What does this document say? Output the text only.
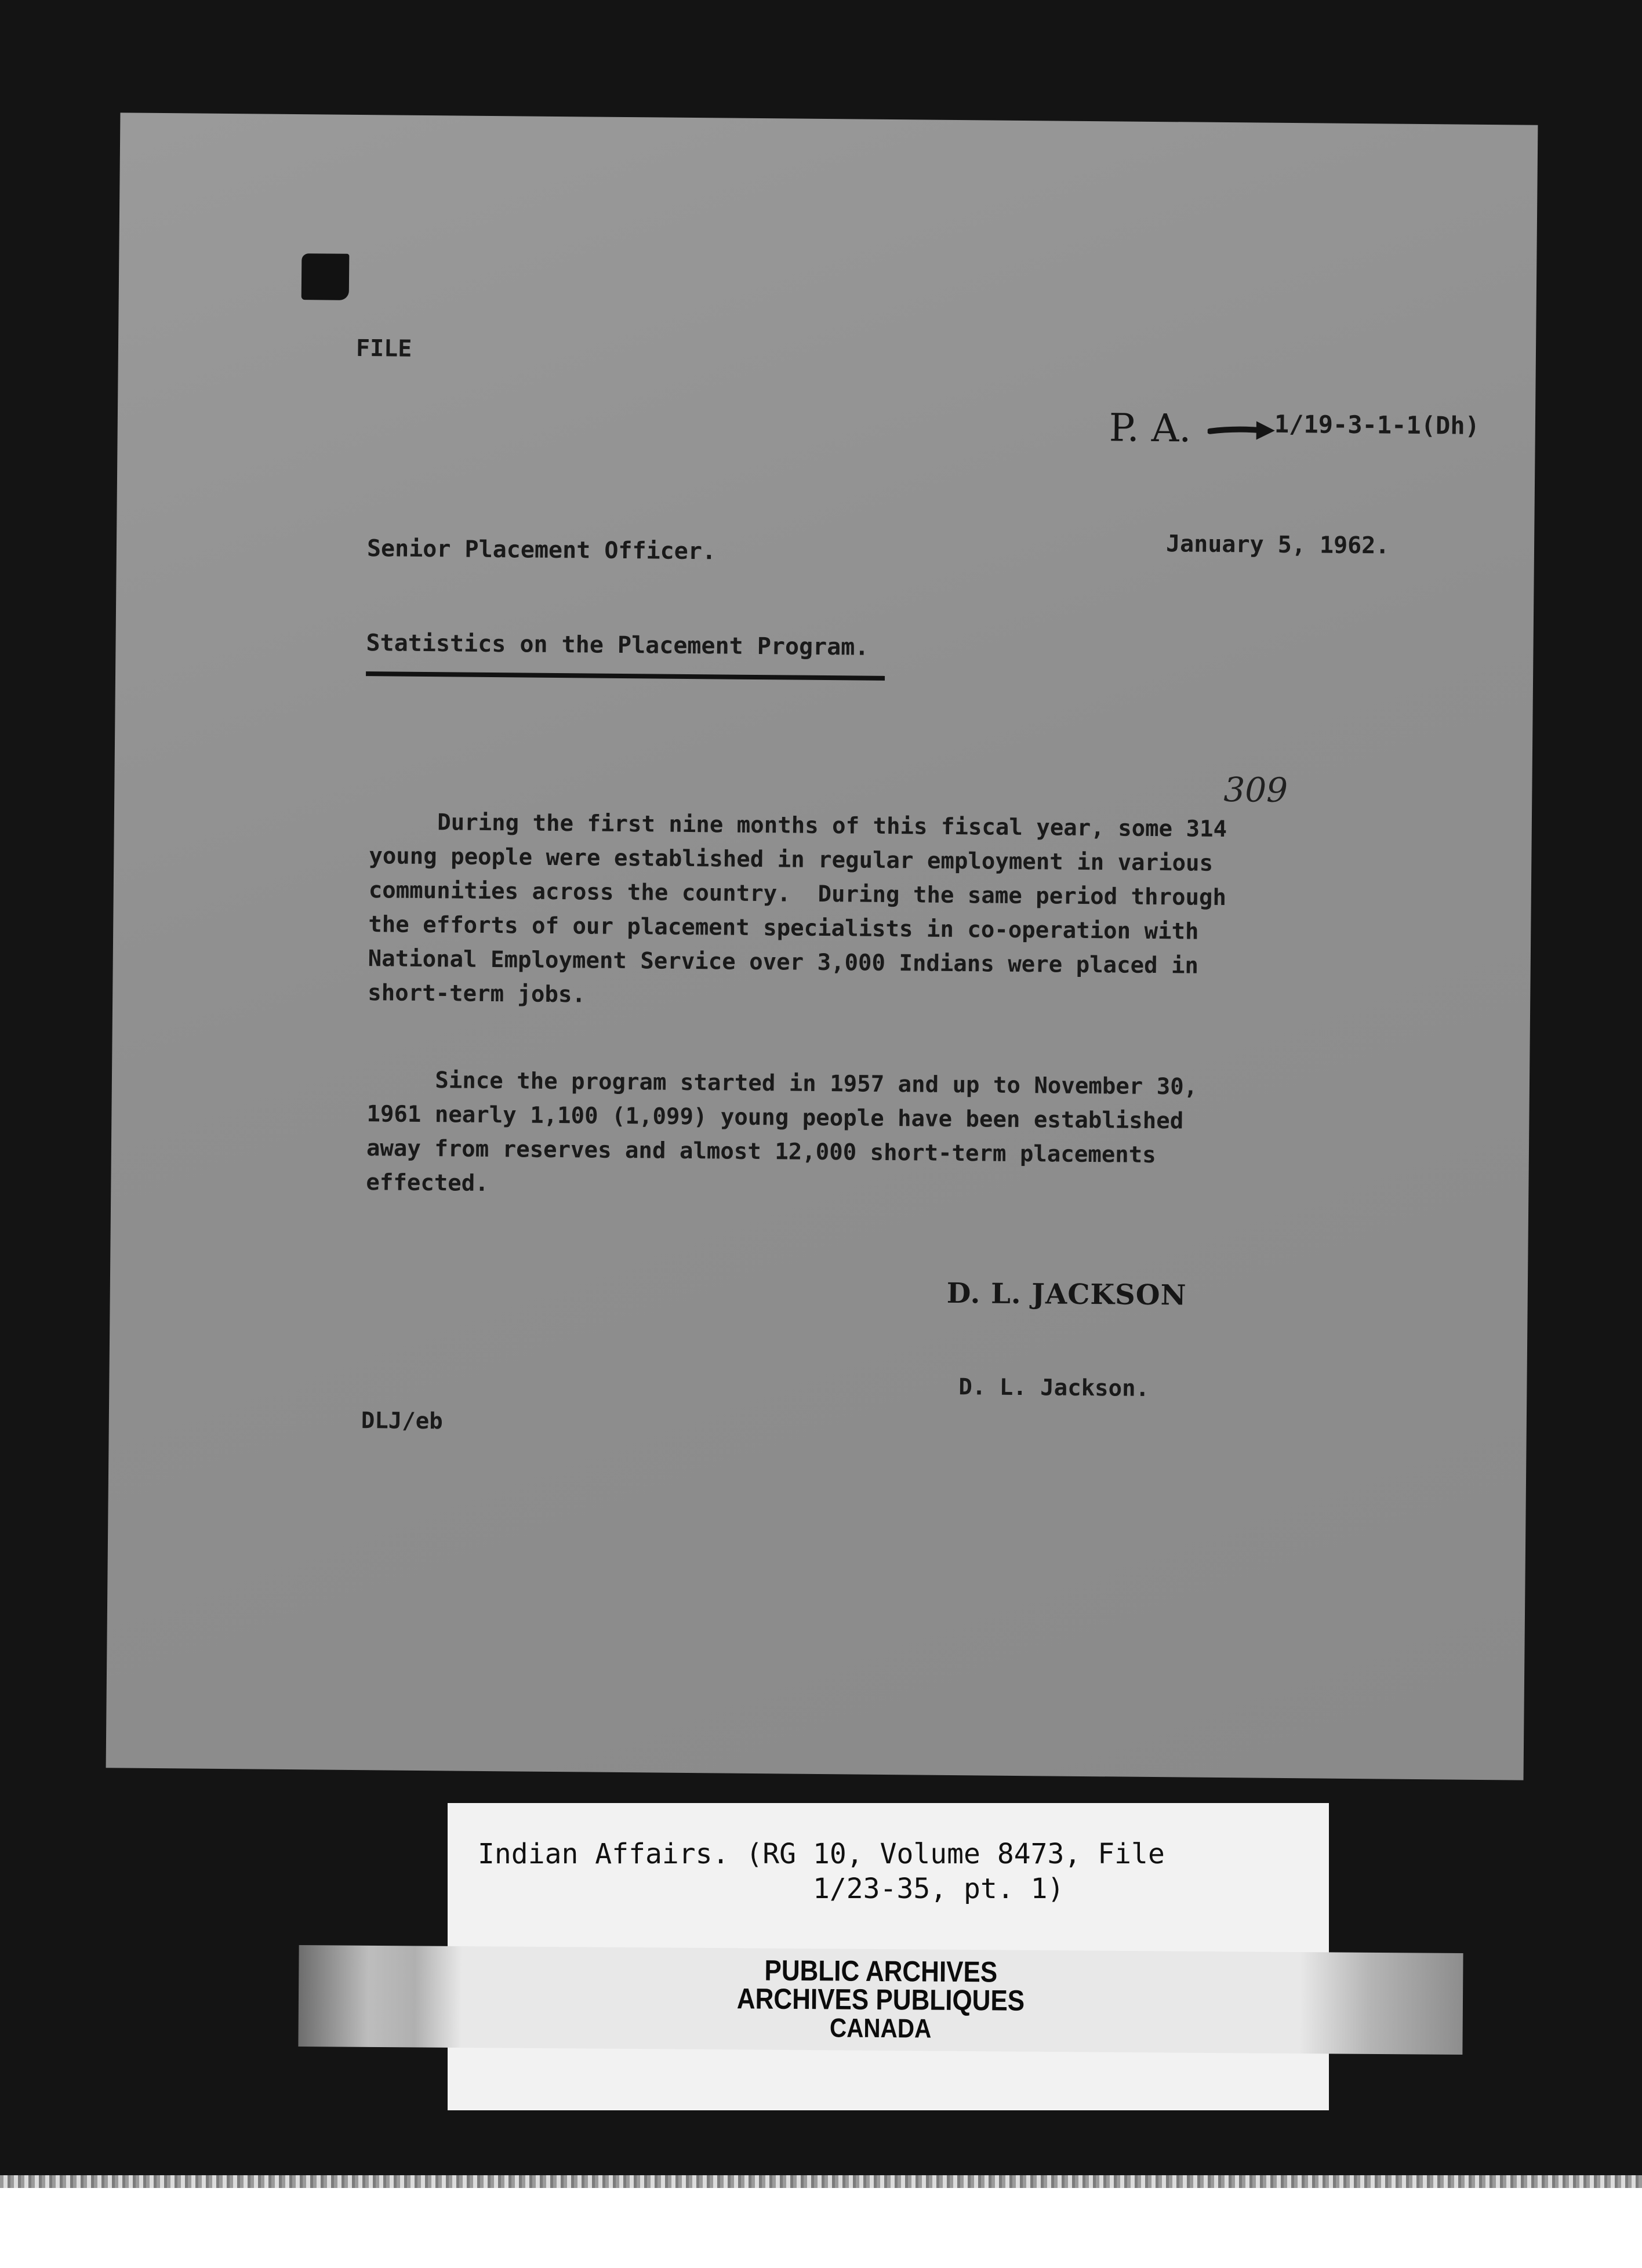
FILE
P. A.	1/19-3-1-1(Dh)
Senior Placement Officer.	January 5, 1962.
Statistics on the Placement Program.
309
During the first nine months of this fiscal year, some 314
young people were established in regular employment in various
communities across the country.  During the same period through
the efforts of our placement specialists in co-operation with
National Employment Service over 3,000 Indians were placed in
short-term jobs.
Since the program started in 1957 and up to November 30,
1961 nearly 1,100 (1,099) young people have been established
away from reserves and almost 12,000 short-term placements
effected.
D. L. JACKSON
D. L. Jackson.
DLJ/eb
Indian Affairs. (RG 10, Volume 8473, File
1/23-35, pt. 1)
PUBLIC ARCHIVES
ARCHIVES PUBLIQUES
CANADA
